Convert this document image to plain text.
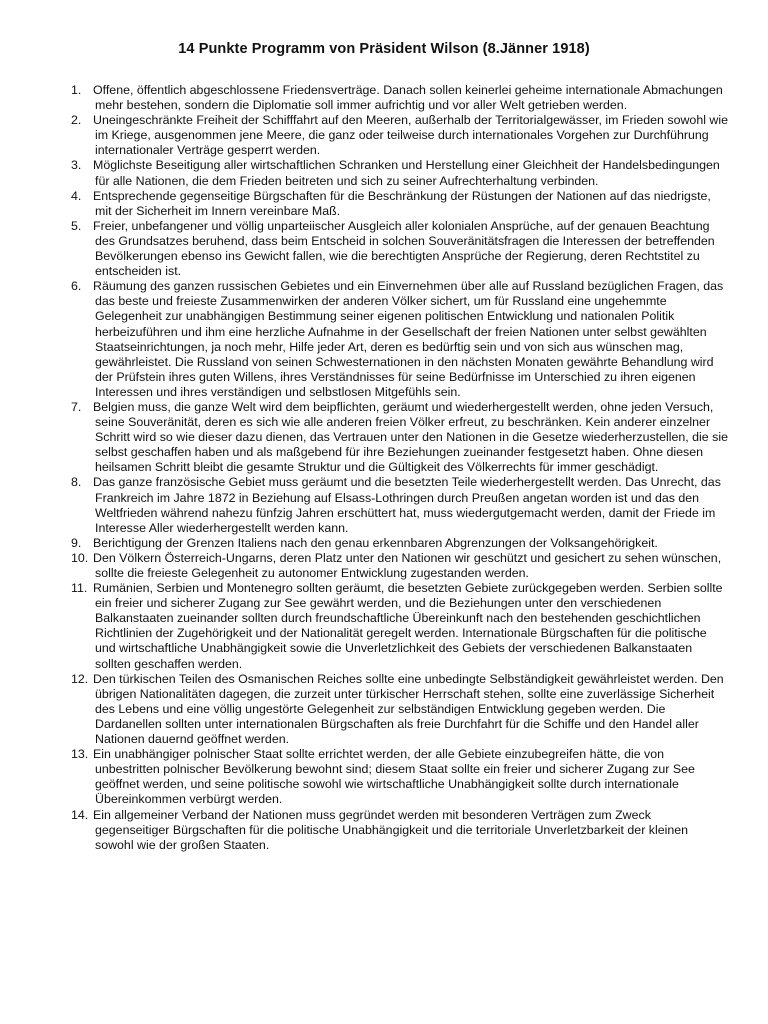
14 Punkte Programm von Präsident Wilson (8.Jänner 1918)
1. Offene, öffentlich abgeschlossene Friedensverträge. Danach sollen keinerlei geheime internationale Abmachungen mehr bestehen, sondern die Diplomatie soll immer aufrichtig und vor aller Welt getrieben werden.
2. Uneingeschränkte Freiheit der Schifffahrt auf den Meeren, außerhalb der Territorialgewässer, im Frieden sowohl wie im Kriege, ausgenommen jene Meere, die ganz oder teilweise durch internationales Vorgehen zur Durchführung internationaler Verträge gesperrt werden.
3. Möglichste Beseitigung aller wirtschaftlichen Schranken und Herstellung einer Gleichheit der Handelsbedingungen für alle Nationen, die dem Frieden beitreten und sich zu seiner Aufrechterhaltung verbinden.
4. Entsprechende gegenseitige Bürgschaften für die Beschränkung der Rüstungen der Nationen auf das niedrigste, mit der Sicherheit im Innern vereinbare Maß.
5. Freier, unbefangener und völlig unparteiischer Ausgleich aller kolonialen Ansprüche, auf der genauen Beachtung des Grundsatzes beruhend, dass beim Entscheid in solchen Souveränitätsfragen die Interessen der betreffenden Bevölkerungen ebenso ins Gewicht fallen, wie die berechtigten Ansprüche der Regierung, deren Rechtstitel zu entscheiden ist.
6. Räumung des ganzen russischen Gebietes und ein Einvernehmen über alle auf Russland bezüglichen Fragen, das das beste und freieste Zusammenwirken der anderen Völker sichert, um für Russland eine ungehemmte Gelegenheit zur unabhängigen Bestimmung seiner eigenen politischen Entwicklung und nationalen Politik herbeizuführen und ihm eine herzliche Aufnahme in der Gesellschaft der freien Nationen unter selbst gewählten Staatseinrichtungen, ja noch mehr, Hilfe jeder Art, deren es bedürftig sein und von sich aus wünschen mag, gewährleistet. Die Russland von seinen Schwesternationen in den nächsten Monaten gewährte Behandlung wird der Prüfstein ihres guten Willens, ihres Verständnisses für seine Bedürfnisse im Unterschied zu ihren eigenen Interessen und ihres verständigen und selbstlosen Mitgefühls sein.
7. Belgien muss, die ganze Welt wird dem beipflichten, geräumt und wiederhergestellt werden, ohne jeden Versuch, seine Souveränität, deren es sich wie alle anderen freien Völker erfreut, zu beschränken. Kein anderer einzelner Schritt wird so wie dieser dazu dienen, das Vertrauen unter den Nationen in die Gesetze wiederherzustellen, die sie selbst geschaffen haben und als maßgebend für ihre Beziehungen zueinander festgesetzt haben. Ohne diesen heilsamen Schritt bleibt die gesamte Struktur und die Gültigkeit des Völkerrechts für immer geschädigt.
8. Das ganze französische Gebiet muss geräumt und die besetzten Teile wiederhergestellt werden. Das Unrecht, das Frankreich im Jahre 1872 in Beziehung auf Elsass-Lothringen durch Preußen angetan worden ist und das den Weltfrieden während nahezu fünfzig Jahren erschüttert hat, muss wiedergutgemacht werden, damit der Friede im Interesse Aller wiederhergestellt werden kann.
9. Berichtigung der Grenzen Italiens nach den genau erkennbaren Abgrenzungen der Volksangehörigkeit.
10. Den Völkern Österreich-Ungarns, deren Platz unter den Nationen wir geschützt und gesichert zu sehen wünschen, sollte die freieste Gelegenheit zu autonomer Entwicklung zugestanden werden.
11. Rumänien, Serbien und Montenegro sollten geräumt, die besetzten Gebiete zurückgegeben werden. Serbien sollte ein freier und sicherer Zugang zur See gewährt werden, und die Beziehungen unter den verschiedenen Balkanstaaten zueinander sollten durch freundschaftliche Übereinkunft nach den bestehenden geschichtlichen Richtlinien der Zugehörigkeit und der Nationalität geregelt werden. Internationale Bürgschaften für die politische und wirtschaftliche Unabhängigkeit sowie die Unverletzlichkeit des Gebiets der verschiedenen Balkanstaaten sollten geschaffen werden.
12. Den türkischen Teilen des Osmanischen Reiches sollte eine unbedingte Selbständigkeit gewährleistet werden. Den übrigen Nationalitäten dagegen, die zurzeit unter türkischer Herrschaft stehen, sollte eine zuverlässige Sicherheit des Lebens und eine völlig ungestörte Gelegenheit zur selbständigen Entwicklung gegeben werden. Die Dardanellen sollten unter internationalen Bürgschaften als freie Durchfahrt für die Schiffe und den Handel aller Nationen dauernd geöffnet werden.
13. Ein unabhängiger polnischer Staat sollte errichtet werden, der alle Gebiete einzubegreifen hätte, die von unbestritten polnischer Bevölkerung bewohnt sind; diesem Staat sollte ein freier und sicherer Zugang zur See geöffnet werden, und seine politische sowohl wie wirtschaftliche Unabhängigkeit sollte durch internationale Übereinkommen verbürgt werden.
14. Ein allgemeiner Verband der Nationen muss gegründet werden mit besonderen Verträgen zum Zweck gegenseitiger Bürgschaften für die politische Unabhängigkeit und die territoriale Unverletzbarkeit der kleinen sowohl wie der großen Staaten.
